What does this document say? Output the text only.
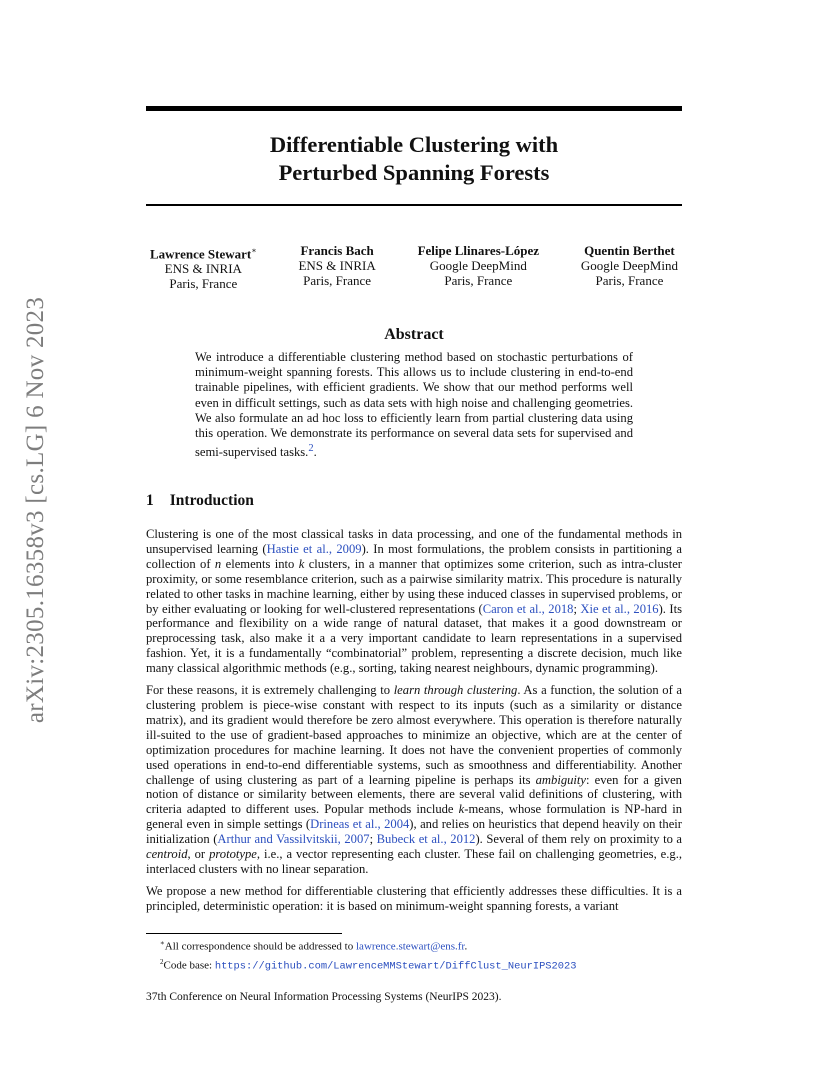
arXiv:2305.16358v3 [cs.LG] 6 Nov 2023
Differentiable Clustering with
Perturbed Spanning Forests
Lawrence Stewart∗
ENS & INRIA
Paris, France
Francis Bach
ENS & INRIA
Paris, France
Felipe Llinares-López
Google DeepMind
Paris, France
Quentin Berthet
Google DeepMind
Paris, France
Abstract

We introduce a differentiable clustering method based on stochastic perturbations of minimum-weight spanning forests. This allows us to include clustering in end-to-end trainable pipelines, with efficient gradients. We show that our method performs well even in difficult settings, such as data sets with high noise and challenging geometries. We also formulate an ad hoc loss to efficiently learn from partial clustering data using this operation. We demonstrate its performance on several data sets for supervised and semi-supervised tasks.$^2$.

1 Introduction

Clustering is one of the most classical tasks in data processing, and one of the fundamental methods in unsupervised learning (Hastie et al., 2009). In most formulations, the problem consists in partitioning a collection of n elements into k clusters, in a manner that optimizes some criterion, such as intra-cluster proximity, or some resemblance criterion, such as a pairwise similarity matrix. This procedure is naturally related to other tasks in machine learning, either by using these induced classes in supervised problems, or by either evaluating or looking for well-clustered representations (Caron et al., 2018; Xie et al., 2016). Its performance and flexibility on a wide range of natural dataset, that makes it a good downstream or preprocessing task, also make it a a very important candidate to learn representations in a supervised fashion. Yet, it is a fundamentally “combinatorial” problem, representing a discrete decision, much like many classical algorithmic methods (e.g., sorting, taking nearest neighbours, dynamic programming).

For these reasons, it is extremely challenging to learn through clustering. As a function, the solution of a clustering problem is piece-wise constant with respect to its inputs (such as a similarity or distance matrix), and its gradient would therefore be zero almost everywhere. This operation is therefore naturally ill-suited to the use of gradient-based approaches to minimize an objective, which are at the center of optimization procedures for machine learning. It does not have the convenient properties of commonly used operations in end-to-end differentiable systems, such as smoothness and differentiability. Another challenge of using clustering as part of a learning pipeline is perhaps its ambiguity: even for a given notion of distance or similarity between elements, there are several valid definitions of clustering, with criteria adapted to different uses. Popular methods include k-means, whose formulation is NP-hard in general even in simple settings (Drineas et al., 2004), and relies on heuristics that depend heavily on their initialization (Arthur and Vassilvitskii, 2007; Bubeck et al., 2012). Several of them rely on proximity to a centroid, or prototype, i.e., a vector representing each cluster. These fail on challenging geometries, e.g., interlaced clusters with no linear separation.

We propose a new method for differentiable clustering that efficiently addresses these difficulties. It is a principled, deterministic operation: it is based on minimum-weight spanning forests, a variant

∗All correspondence should be addressed to lawrence.stewart@ens.fr.
$^2$Code base: https://github.com/LawrenceMMStewart/DiffClust_NeurIPS2023

37th Conference on Neural Information Processing Systems (NeurIPS 2023).
